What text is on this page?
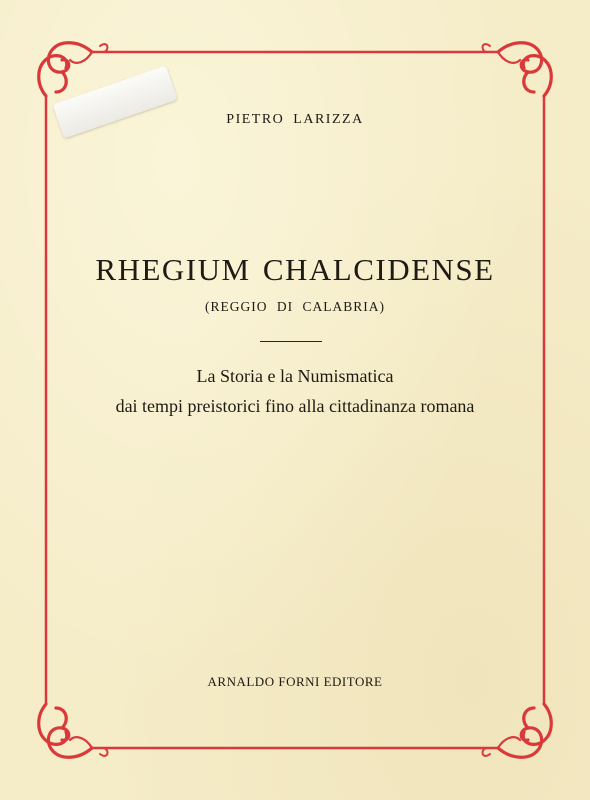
PIETRO LARIZZA
RHEGIUM CHALCIDENSE
(REGGIO DI CALABRIA)
La Storia e la Numismatica
dai tempi preistorici fino alla cittadinanza romana
ARNALDO FORNI EDITORE
